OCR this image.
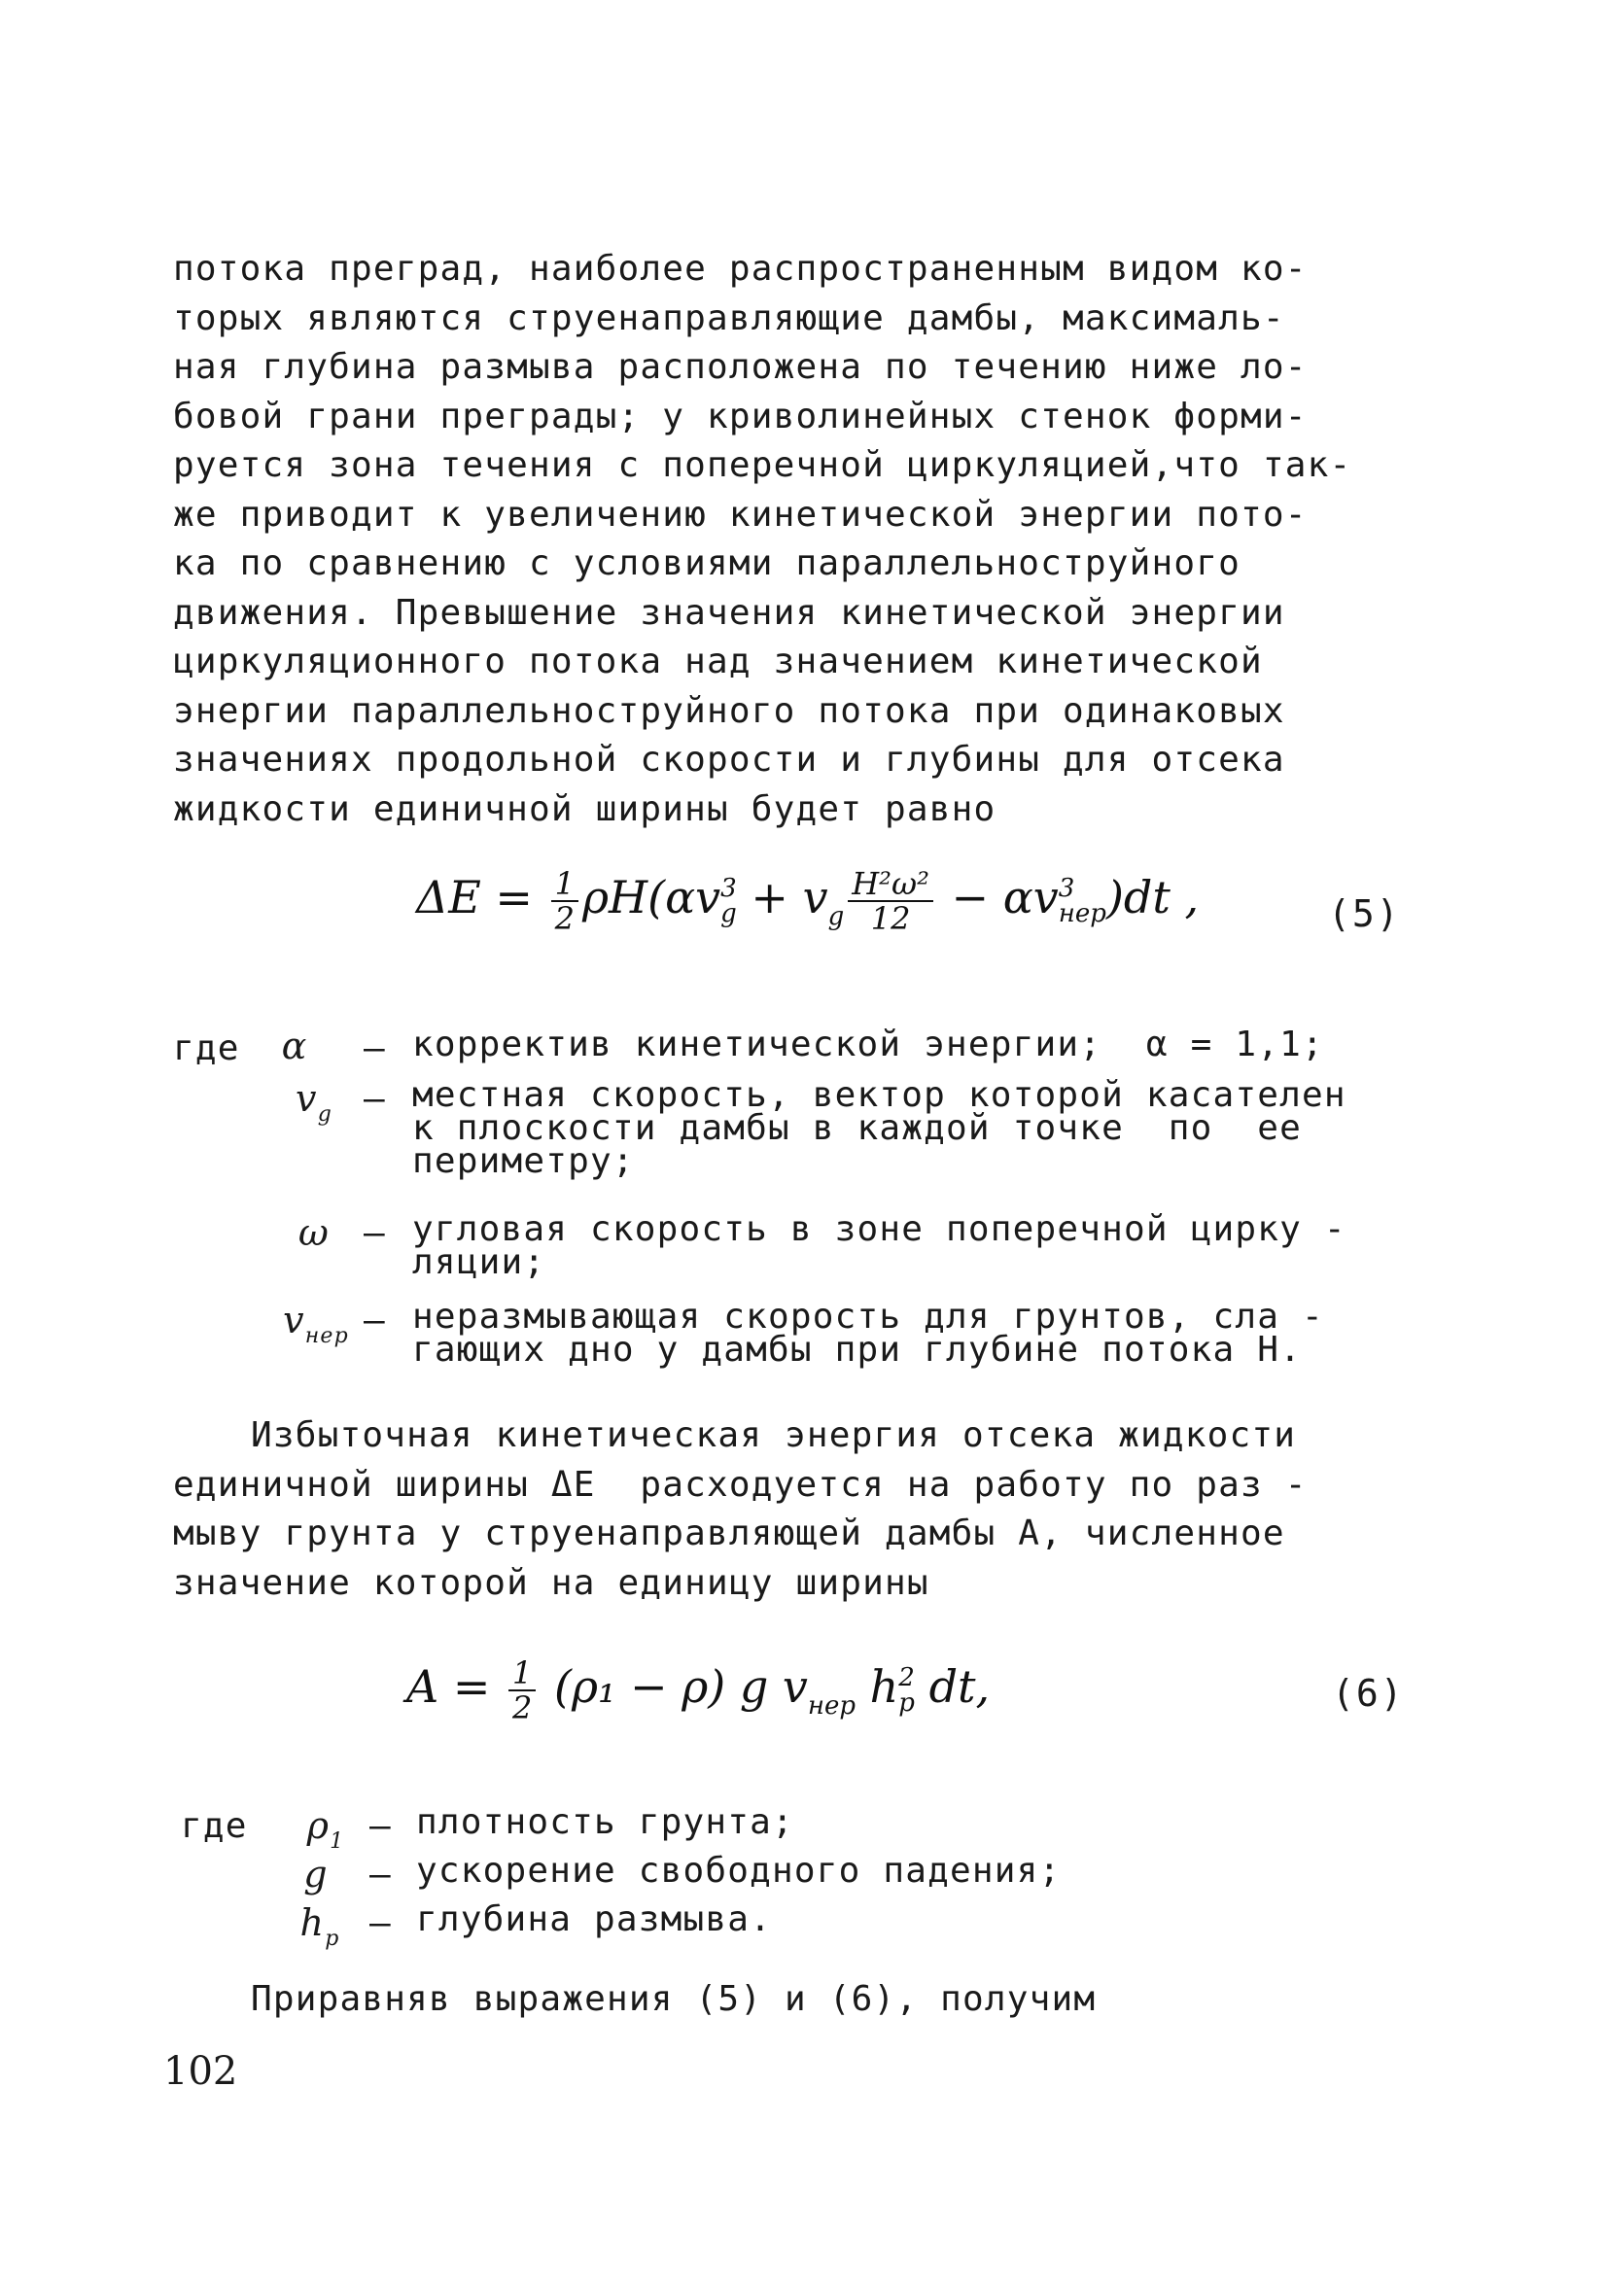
потока преград, наиболее распространенным видом ко-
торых являются струенаправляющие дамбы, максималь-
ная глубина размыва расположена по течению ниже ло-
бовой грани преграды; у криволинейных стенок форми-
руется зона течения с поперечной циркуляцией,что так-
же приводит к увеличению кинетической энергии пото-
ка по сравнению с условиями параллельноструйного
движения. Превышение значения кинетической энергии
циркуляционного потока над значением кинетической
энергии параллельноструйного потока при одинаковых
значениях продольной скорости и глубины для отсека
жидкости единичной ширины будет равно
$\Delta E = \frac{1}{2} \rho H(\alpha v$ 3
$g + v_g \frac{\text{H²ω²}}{12} - \alpha v$ 3
нер )dt ,	(5)
где	α	– корректив кинетической энергии;  α = 1,1;
$v_g$ – местная скорость, вектор которой касателен
к плоскости дамбы в каждой точке  по  ее
периметру;
ω – угловая скорость в зоне поперечной цирку -
ляции;
$v_{нер}$ – неразмывающая скорость для грунтов, сла -
гающих дно у дамбы при глубине потока H.
Избыточная кинетическая энергия отсека жидкости
единичной ширины ΔE  расходуется на работу по раз -
мыву грунта у струенаправляющей дамбы A, численное
значение которой на единицу ширины
$A = \frac{1}{2} (\rho_1 - \rho)$ g $v_{нер}$ h 2
p dt,	(6)
где	$\rho_1$ – плотность грунта;
g	– ускорение свободного падения;
$h_p$ – глубина размыва.
Приравняв выражения (5) и (6), получим
102
